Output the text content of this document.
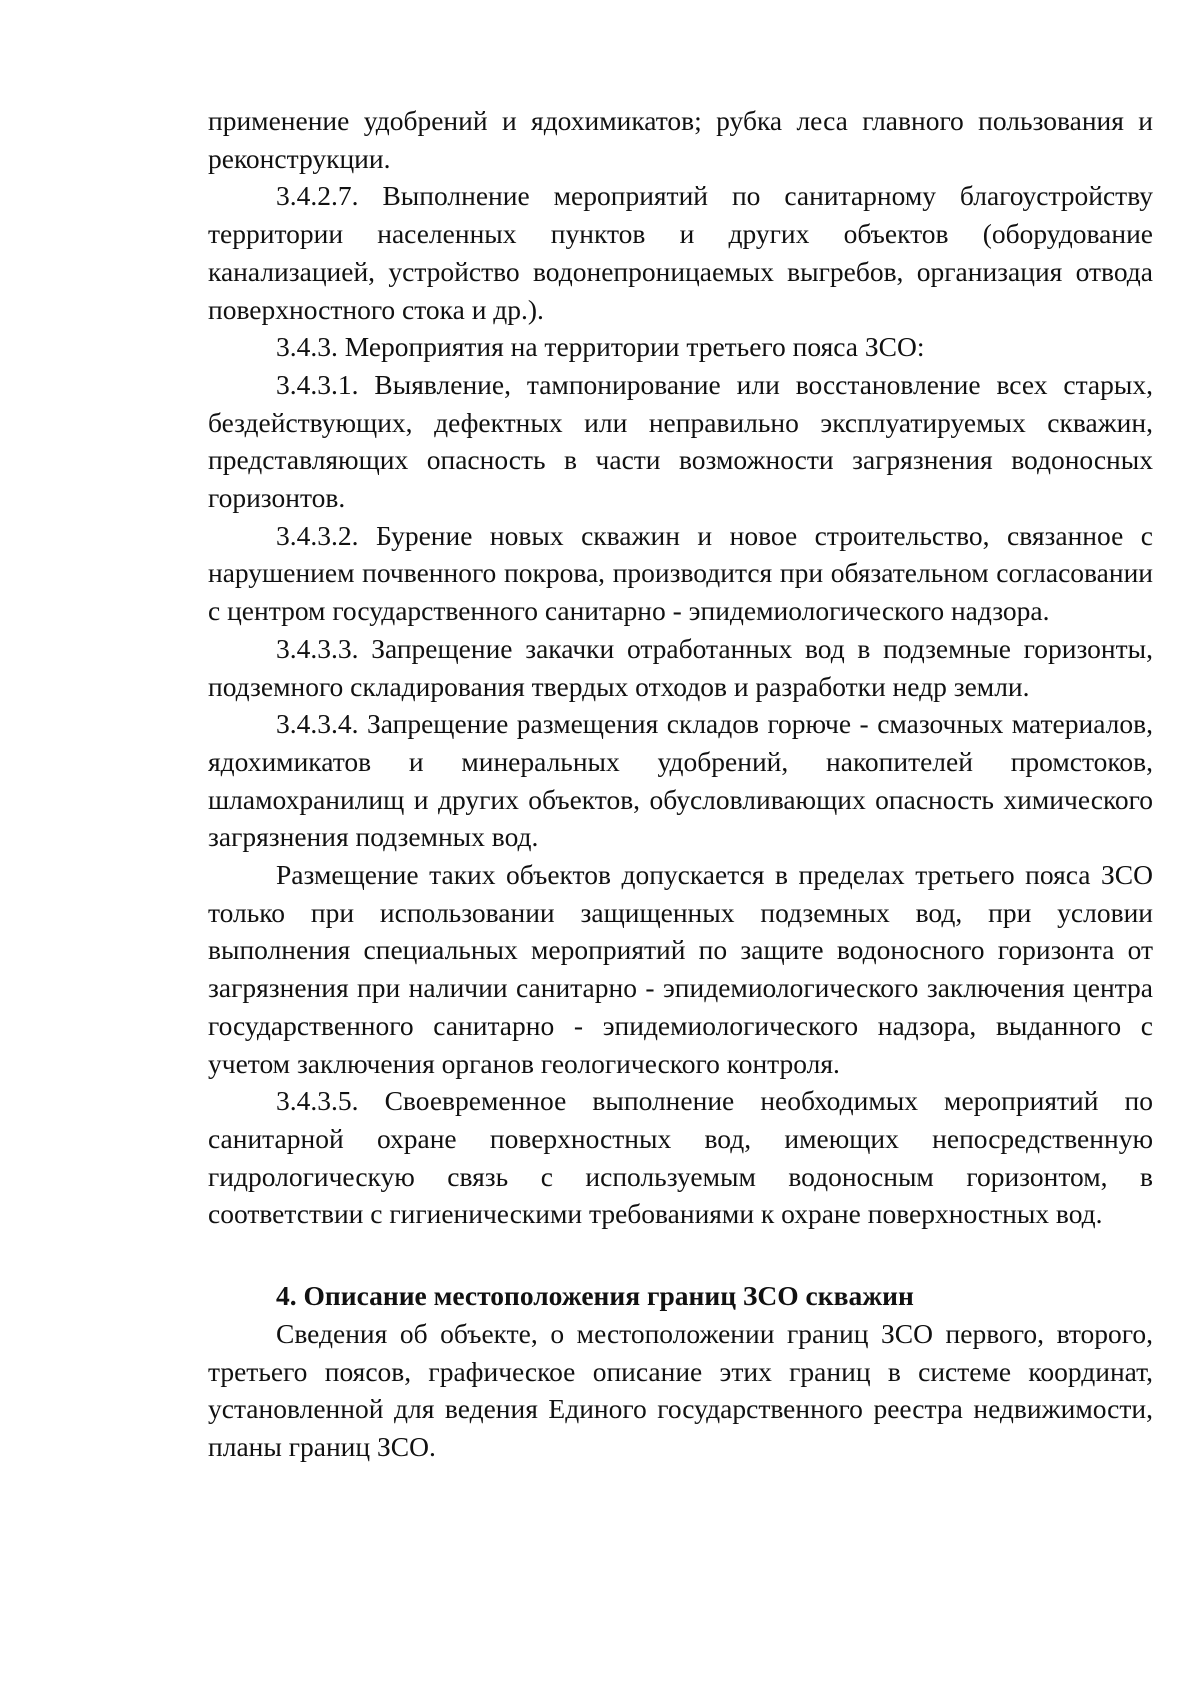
применение удобрений и ядохимикатов; рубка леса главного пользования и реконструкции.

3.4.2.7. Выполнение мероприятий по санитарному благоустройству территории населенных пунктов и других объектов (оборудование канализацией, устройство водонепроницаемых выгребов, организация отвода поверхностного стока и др.).

3.4.3. Мероприятия на территории третьего пояса ЗСО:

3.4.3.1. Выявление, тампонирование или восстановление всех старых, бездействующих, дефектных или неправильно эксплуатируемых скважин, представляющих опасность в части возможности загрязнения водоносных горизонтов.

3.4.3.2. Бурение новых скважин и новое строительство, связанное с нарушением почвенного покрова, производится при обязательном согласовании с центром государственного санитарно - эпидемиологического надзора.

3.4.3.3. Запрещение закачки отработанных вод в подземные горизонты, подземного складирования твердых отходов и разработки недр земли.

3.4.3.4. Запрещение размещения складов горюче - смазочных материалов, ядохимикатов и минеральных удобрений, накопителей промстоков, шламохранилищ и других объектов, обусловливающих опасность химического загрязнения подземных вод.

Размещение таких объектов допускается в пределах третьего пояса ЗСО только при использовании защищенных подземных вод, при условии выполнения специальных мероприятий по защите водоносного горизонта от загрязнения при наличии санитарно - эпидемиологического заключения центра государственного санитарно - эпидемиологического надзора, выданного с учетом заключения органов геологического контроля.

3.4.3.5. Своевременное выполнение необходимых мероприятий по санитарной охране поверхностных вод, имеющих непосредственную гидрологическую связь с используемым водоносным горизонтом, в соответствии с гигиеническими требованиями к охране поверхностных вод.

4. Описание местоположения границ ЗСО скважин

Сведения об объекте, о местоположении границ ЗСО первого, второго, третьего поясов, графическое описание этих границ в системе координат, установленной для ведения Единого государственного реестра недвижимости, планы границ ЗСО.
